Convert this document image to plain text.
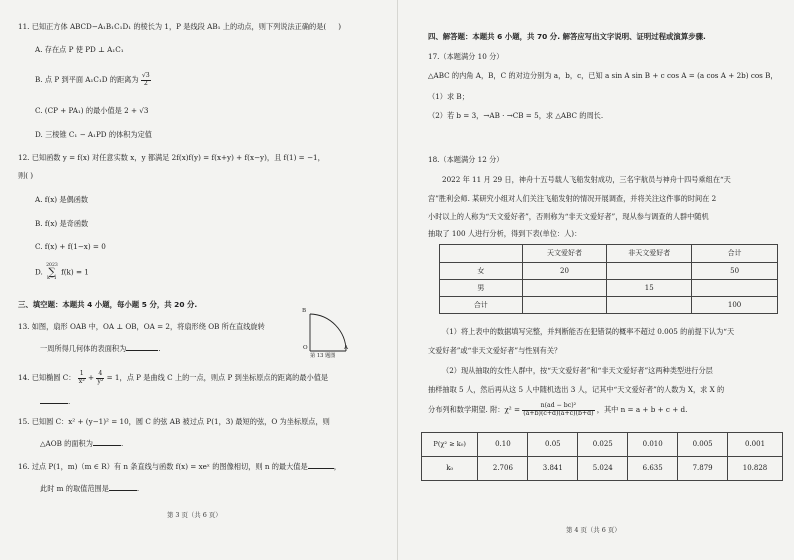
11. 已知正方体 ABCD−A₁B₁C₁D₁ 的棱长为 1，P 是线段 AB₁ 上的动点，则下列说法正确的是( )
A. 存在点 P 使 PD ⊥ A₁C₁
B. 点 P 到平面 A₁C₁D 的距离为 $\frac{√3}{2}$
C. (CP + PA₁) 的最小值是 2 + √3
D. 三棱锥 C₁ − A₁PD 的体积为定值
12. 已知函数 y = f(x) 对任意实数 x，y 都满足 2f(x)f(y) = f(x+y) + f(x−y)，且 f(1) = −1，
则( )
A. f(x) 是偶函数
B. f(x) 是奇函数
C. f(x) + f(1−x) = 0
D.
2023
∑
k=1
f(k) = 1
三、填空题：本题共 4 小题，每小题 5 分，共 20 分.
13. 如图，扇形 OAB 中，OA ⊥ OB，OA = 2，将扇形绕 OB 所在直线旋转
一周所得几何体的表面积为	.
B
O	A
第 13 题图
14. 已知椭圆 C： $\frac{1}{\text{x²}} + \frac{4}{\text{y²}} = 1$，点 P 是曲线 C 上的一点，则点 P 到坐标原点的距离的最小值是
.
15. 已知圆 C：x² + (y−1)² = 10，圆 C 的弦 AB 被过点 P(1，3) 最短的弦，O 为坐标原点，则
△AOB 的面积为	.
16. 过点 P(1，m)（m ∈ R）有 n 条直线与函数 f(x) = xeˣ 的图像相切，则 n 的最大值是	，
此时 m 的取值范围是	.
第 3 页（共 6 页）
四、解答题：本题共 6 小题，共 70 分. 解答应写出文字说明、证明过程或演算步骤.
17.（本题满分 10 分）
△ABC 的内角 A，B，C 的对边分别为 a，b，c，已知 a sin A sin B + c cos A = (a cos A + 2b) cos B，
（1）求 B；
（2）若 b = 3，→AB · →CB = 5，求 △ABC 的周长.
18.（本题满分 12 分）
2022 年 11 月 29 日，神舟十五号载人飞船发射成功，三名宇航员与神舟十四号乘组在“天
宫”胜利会师. 某研究小组对人们关注飞船发射的情况开展调查，并将关注这件事的时间在 2
小时以上的人称为“天文爱好者”，否则称为“非天文爱好者”，现从参与调查的人群中随机
抽取了 100 人进行分析，得到下表(单位：人)：
	天文爱好者	非天文爱好者	合计
女	20		50
男		15	
合计			100
（1）将上表中的数据填写完整，并判断能否在犯错误的概率不超过 0.005 的前提下认为“天
文爱好者”或“非天文爱好者”与性别有关？
（2）现从抽取的女性人群中，按“天文爱好者”和“非天文爱好者”这两种类型进行分层
抽样抽取 5 人，然后再从这 5 人中随机选出 3 人，记其中“天文爱好者”的人数为 X，求 X 的
分布列和数学期望. 附：$\chi^2 = \frac{\text{n(ad − bc)²}}{(a+b)(c+d)(a+c)(b+d)}$ ，其中 n = a + b + c + d.
P(χ² ≥ k₀)	0.10	0.05	0.025	0.010	0.005	0.001
k₀	2.706	3.841	5.024	6.635	7.879	10.828
第 4 页（共 6 页）
